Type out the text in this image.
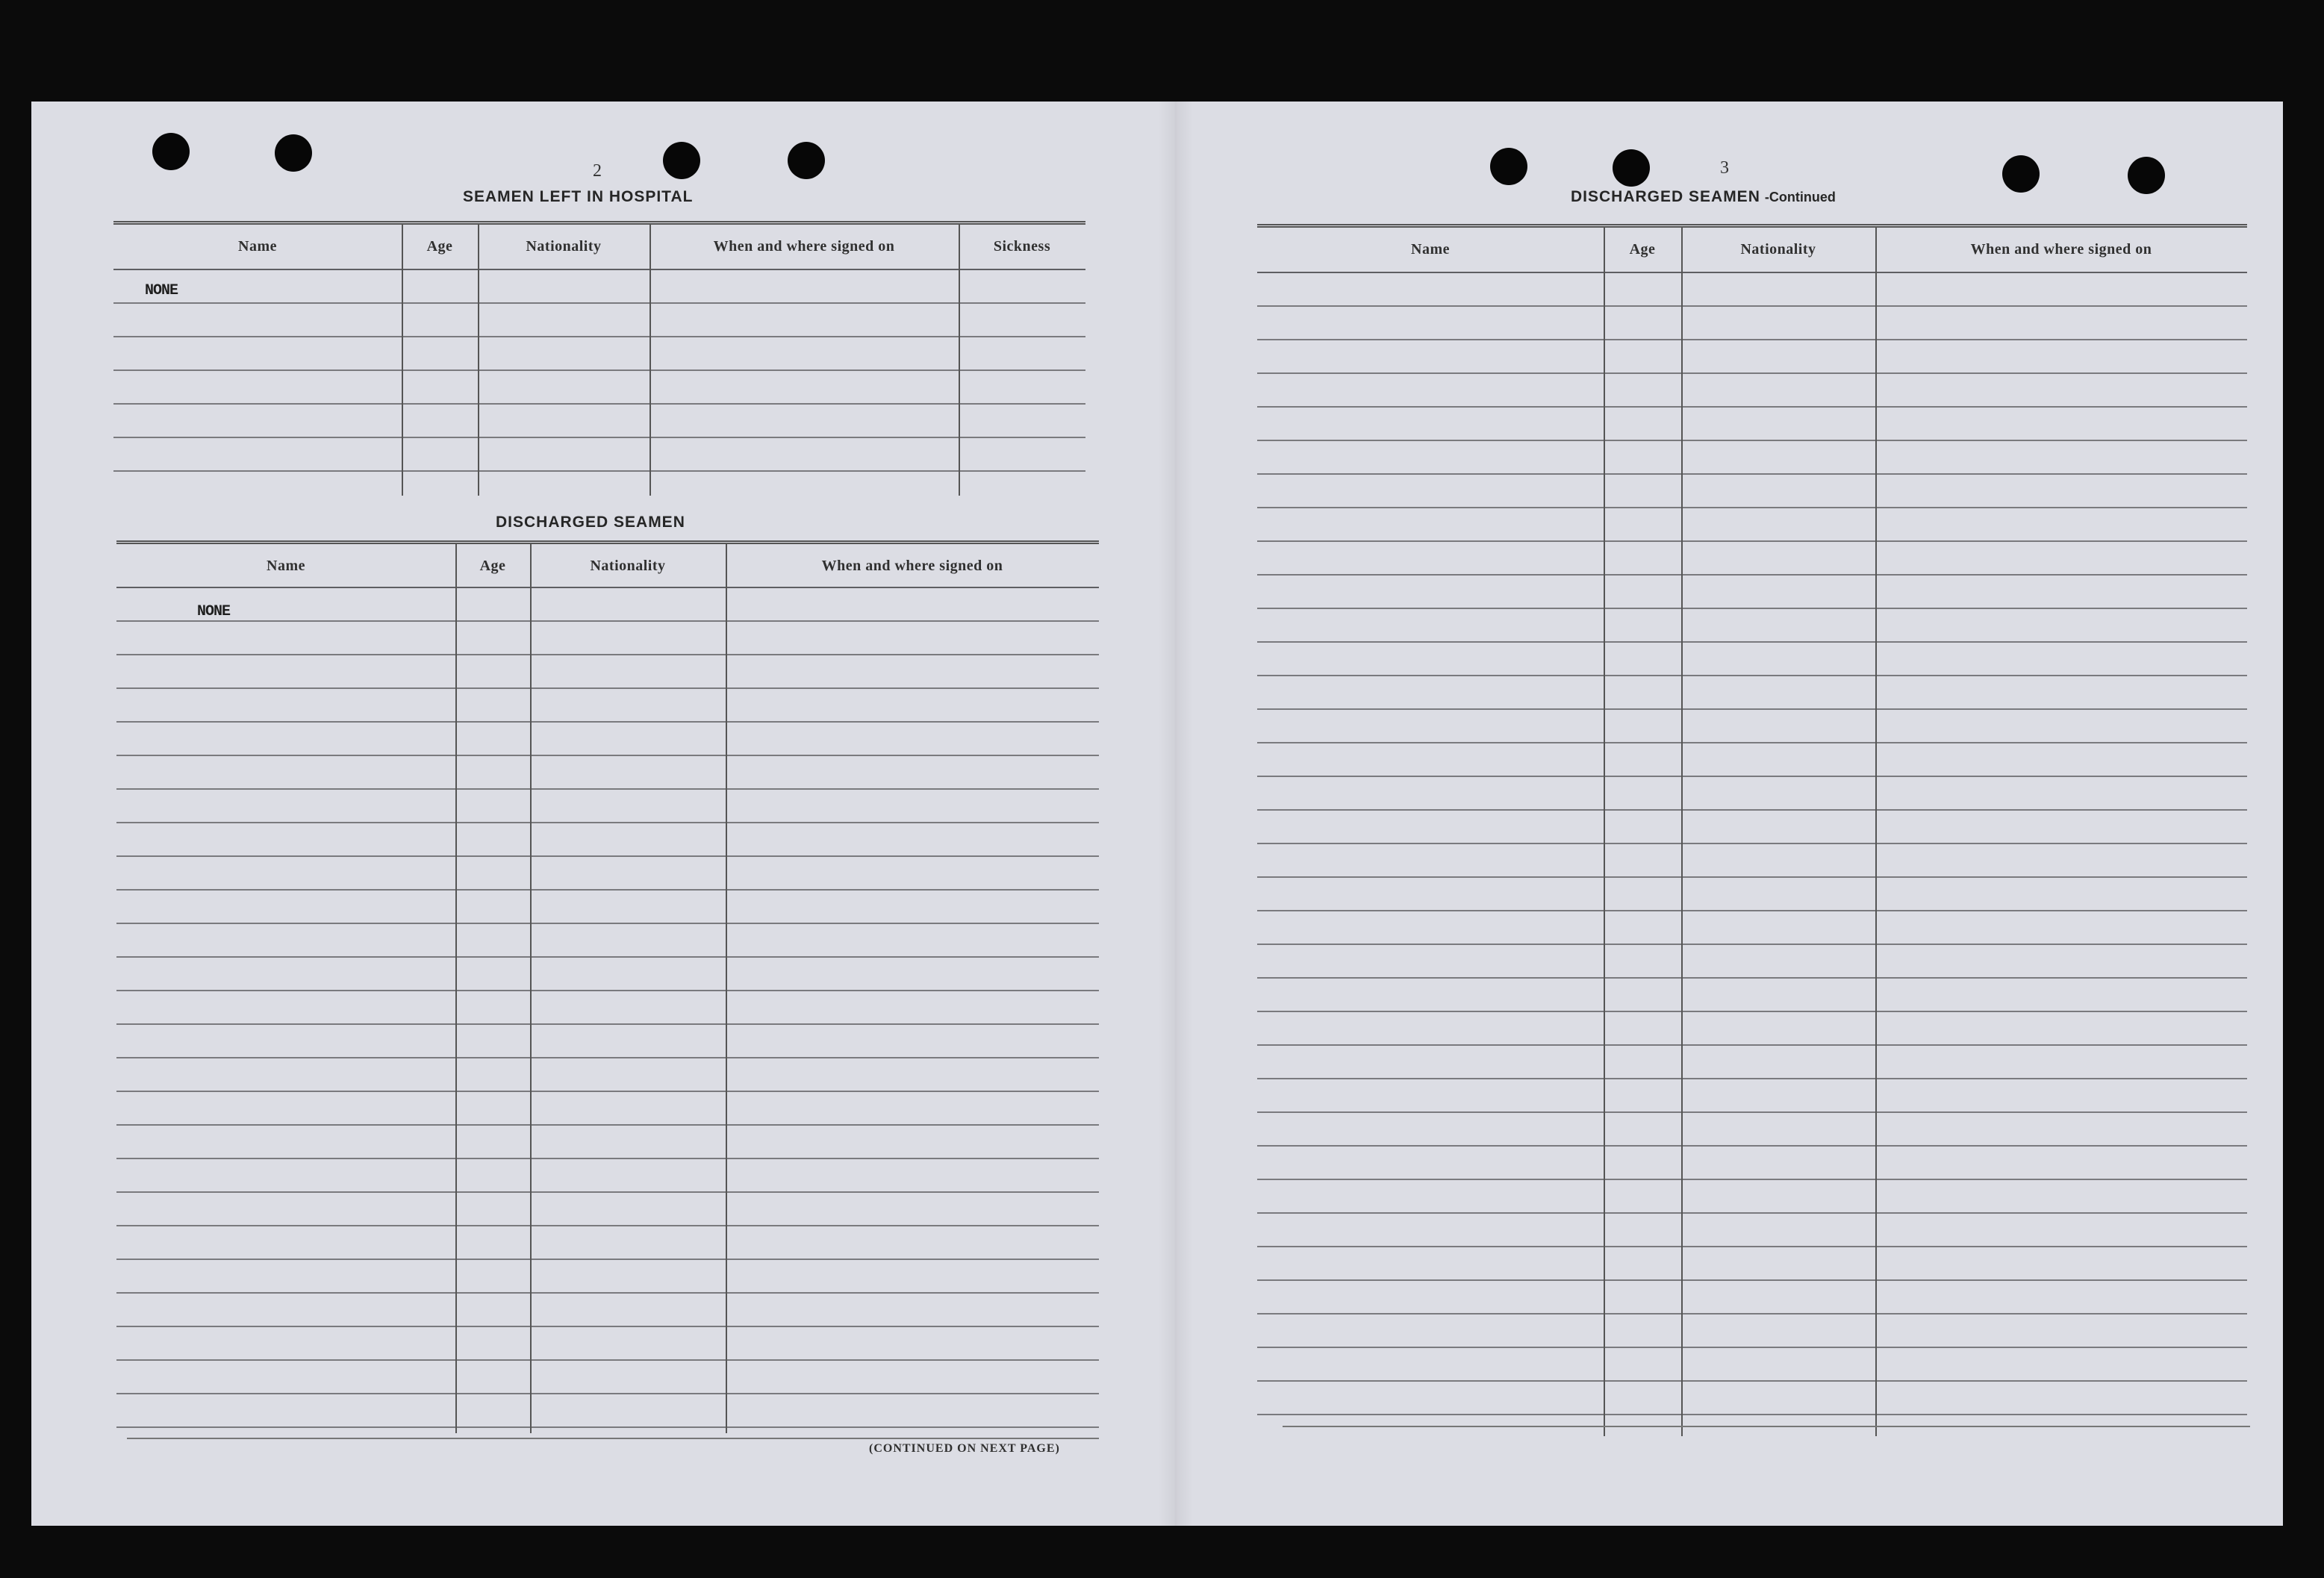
2
SEAMEN LEFT IN HOSPITAL
Name	Age	Nationality	When and where signed on	Sickness
NONE
DISCHARGED SEAMEN
Name	Age	Nationality	When and where signed on
NONE
(CONTINUED ON NEXT PAGE)
3
DISCHARGED SEAMEN -Continued
Name	Age	Nationality	When and where signed on
